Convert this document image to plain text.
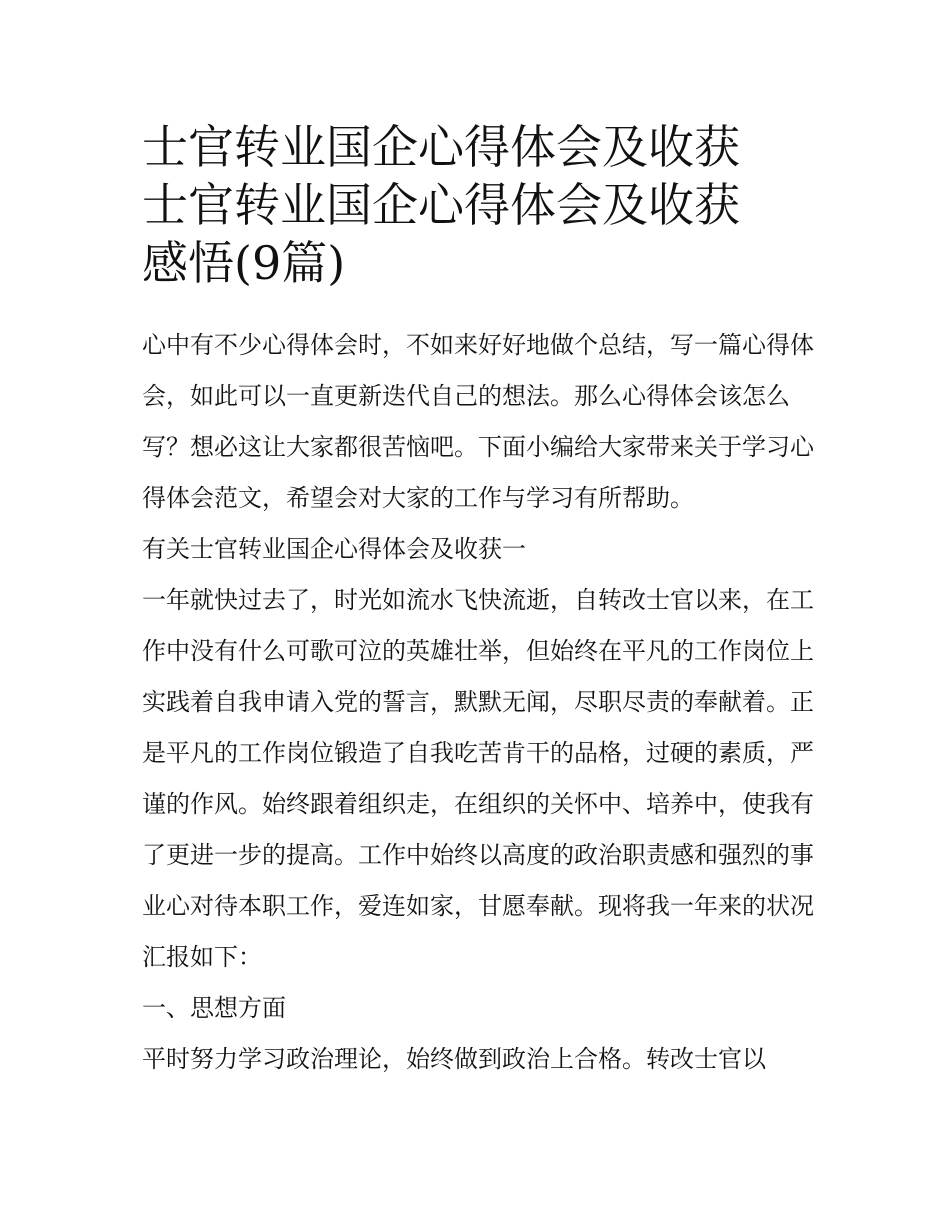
士官转业国企心得体会及收获
士官转业国企心得体会及收获
感悟(9篇)

心中有不少心得体会时，不如来好好地做个总结，写一篇心得体会，如此可以一直更新迭代自己的想法。那么心得体会该怎么写？想必这让大家都很苦恼吧。下面小编给大家带来关于学习心得体会范文，希望会对大家的工作与学习有所帮助。

有关士官转业国企心得体会及收获一

一年就快过去了，时光如流水飞快流逝，自转改士官以来，在工作中没有什么可歌可泣的英雄壮举，但始终在平凡的工作岗位上实践着自我申请入党的誓言，默默无闻，尽职尽责的奉献着。正是平凡的工作岗位锻造了自我吃苦肯干的品格，过硬的素质，严谨的作风。始终跟着组织走，在组织的关怀中、培养中，使我有了更进一步的提高。工作中始终以高度的政治职责感和强烈的事业心对待本职工作，爱连如家，甘愿奉献。现将我一年来的状况汇报如下：

一、思想方面

平时努力学习政治理论，始终做到政治上合格。转改士官以
